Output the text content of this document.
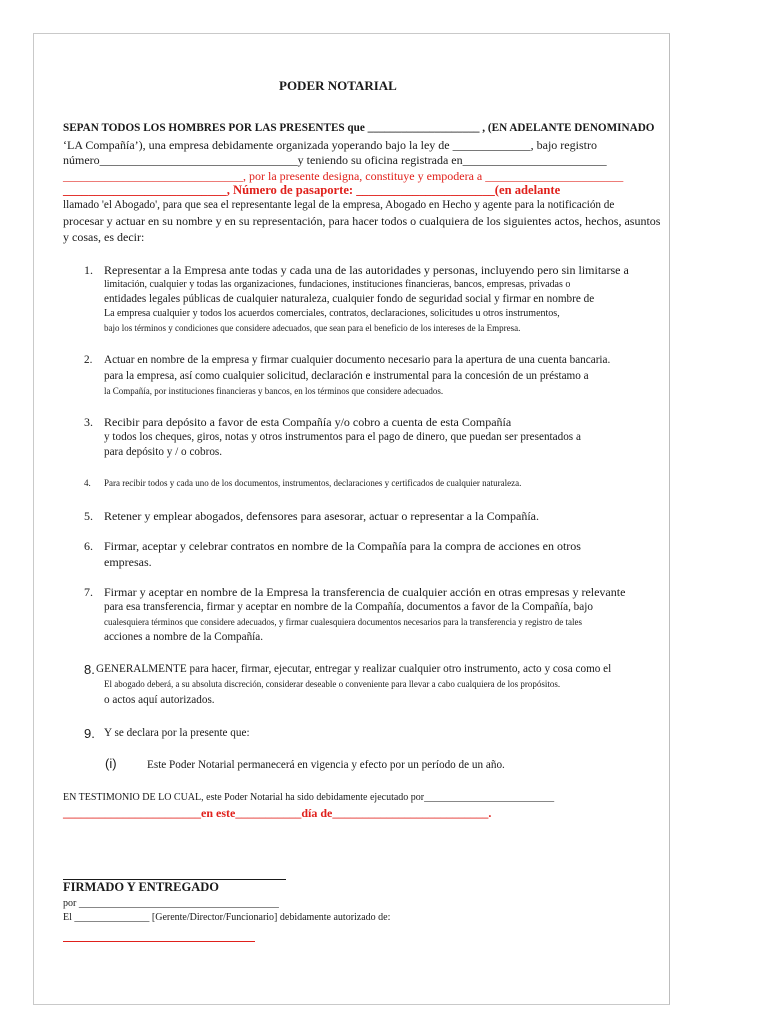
PODER NOTARIAL
SEPAN TODOS LOS HOMBRES POR LAS PRESENTES que ____________________ , (EN ADELANTE DENOMINADO
‘LA Compañía’), una empresa debidamente organizada yoperando bajo la ley de _____________, bajo registro
número_________________________________y teniendo su oficina registrada en________________________
______________________________, por la presente designa, constituye y empodera a _______________________
__________________________, Número de pasaporte: ______________________(en adelante
llamado 'el Abogado', para que sea el representante legal de la empresa, Abogado en Hecho y agente para la notificación de
procesar y actuar en su nombre y en su representación, para hacer todos o cualquiera de los siguientes actos, hechos, asuntos
y cosas, es decir:
1. Representar a la Empresa ante todas y cada una de las autoridades y personas, incluyendo pero sin limitarse a
limitación, cualquier y todas las organizaciones, fundaciones, instituciones financieras, bancos, empresas, privadas o
entidades legales públicas de cualquier naturaleza, cualquier fondo de seguridad social y firmar en nombre de
La empresa cualquier y todos los acuerdos comerciales, contratos, declaraciones, solicitudes u otros instrumentos,
bajo los términos y condiciones que considere adecuados, que sean para el beneficio de los intereses de la Empresa.
2. Actuar en nombre de la empresa y firmar cualquier documento necesario para la apertura de una cuenta bancaria.
para la empresa, así como cualquier solicitud, declaración e instrumental para la concesión de un préstamo a
la Compañía, por instituciones financieras y bancos, en los términos que considere adecuados.
3. Recibir para depósito a favor de esta Compañía y/o cobro a cuenta de esta Compañía
y todos los cheques, giros, notas y otros instrumentos para el pago de dinero, que puedan ser presentados a
para depósito y / o cobros.
4. Para recibir todos y cada uno de los documentos, instrumentos, declaraciones y certificados de cualquier naturaleza.
5. Retener y emplear abogados, defensores para asesorar, actuar o representar a la Compañía.
6. Firmar, aceptar y celebrar contratos en nombre de la Compañía para la compra de acciones en otros
empresas.
7. Firmar y aceptar en nombre de la Empresa la transferencia de cualquier acción en otras empresas y relevante
para esa transferencia, firmar y aceptar en nombre de la Compañía, documentos a favor de la Compañía, bajo
cualesquiera términos que considere adecuados, y firmar cualesquiera documentos necesarios para la transferencia y registro de tales
acciones a nombre de la Compañía.
8. GENERALMENTE para hacer, firmar, ejecutar, entregar y realizar cualquier otro instrumento, acto y cosa como el
El abogado deberá, a su absoluta discreción, considerar deseable o conveniente para llevar a cabo cualquiera de los propósitos.
o actos aquí autorizados.
9. Y se declara por la presente que:
(i)	Este Poder Notarial permanecerá en vigencia y efecto por un período de un año.
EN TESTIMONIO DE LO CUAL, este Poder Notarial ha sido debidamente ejecutado por__________________________
_______________________en este___________día de__________________________.
FIRMADO Y ENTREGADO
por ________________________________________
El _______________ [Gerente/Director/Funcionario] debidamente autorizado de:
